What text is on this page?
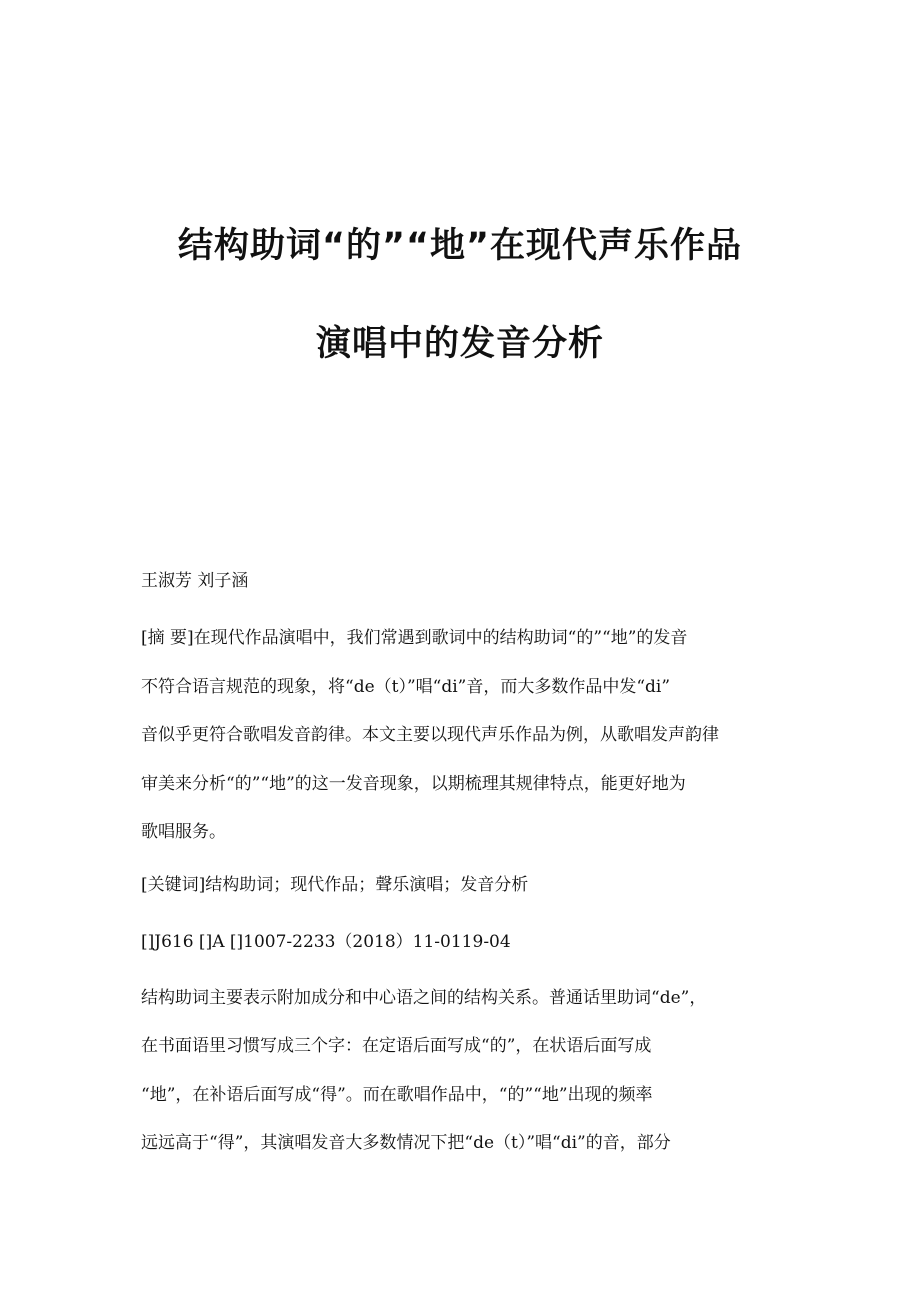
结构助词“的”“地”在现代声乐作品
演唱中的发音分析

王淑芳 刘子涵

[摘 要]在现代作品演唱中，我们常遇到歌词中的结构助词“的”“地”的发音

不符合语言规范的现象，将“de（t）”唱“di”音，而大多数作品中发“di”

音似乎更符合歌唱发音韵律。本文主要以现代声乐作品为例，从歌唱发声韵律

审美来分析“的”“地”的这一发音现象，以期梳理其规律特点，能更好地为

歌唱服务。

[关键词]结构助词；现代作品；聲乐演唱；发音分析

[]J616 []A []1007-2233（2018）11-0119-04

结构助词主要表示附加成分和中心语之间的结构关系。普通话里助词“de”，

在书面语里习惯写成三个字：在定语后面写成“的”，在状语后面写成

“地”，在补语后面写成“得”。而在歌唱作品中，“的”“地”出现的频率

远远高于“得”，其演唱发音大多数情况下把“de（t）”唱“di”的音，部分
